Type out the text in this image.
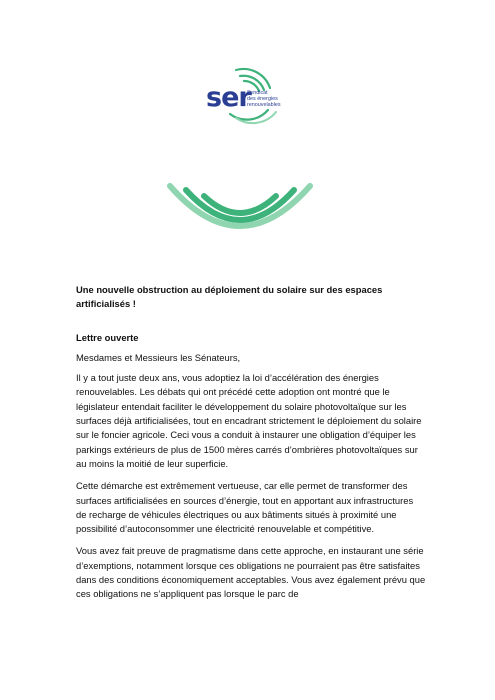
ser
Syndicat
des énergies
renouvelables

Une nouvelle obstruction au déploiement du solaire sur des espaces artificialisés !

Lettre ouverte

Mesdames et Messieurs les Sénateurs,

Il y a tout juste deux ans, vous adoptiez la loi d’accélération des énergies renouvelables. Les débats qui ont précédé cette adoption ont montré que le législateur entendait faciliter le développement du solaire photovoltaïque sur les surfaces déjà artificialisées, tout en encadrant strictement le déploiement du solaire sur le foncier agricole. Ceci vous a conduit à instaurer une obligation d’équiper les parkings extérieurs de plus de 1500 mères carrés d’ombrières photovoltaïques sur au moins la moitié de leur superficie.

Cette démarche est extrêmement vertueuse, car elle permet de transformer des surfaces artificialisées en sources d’énergie, tout en apportant aux infrastructures de recharge de véhicules électriques ou aux bâtiments situés à proximité une possibilité d’autoconsommer une électricité renouvelable et compétitive.

Vous avez fait preuve de pragmatisme dans cette approche, en instaurant une série d’exemptions, notamment lorsque ces obligations ne pourraient pas être satisfaites dans des conditions économiquement acceptables. Vous avez également prévu que ces obligations ne s’appliquent pas lorsque le parc de
